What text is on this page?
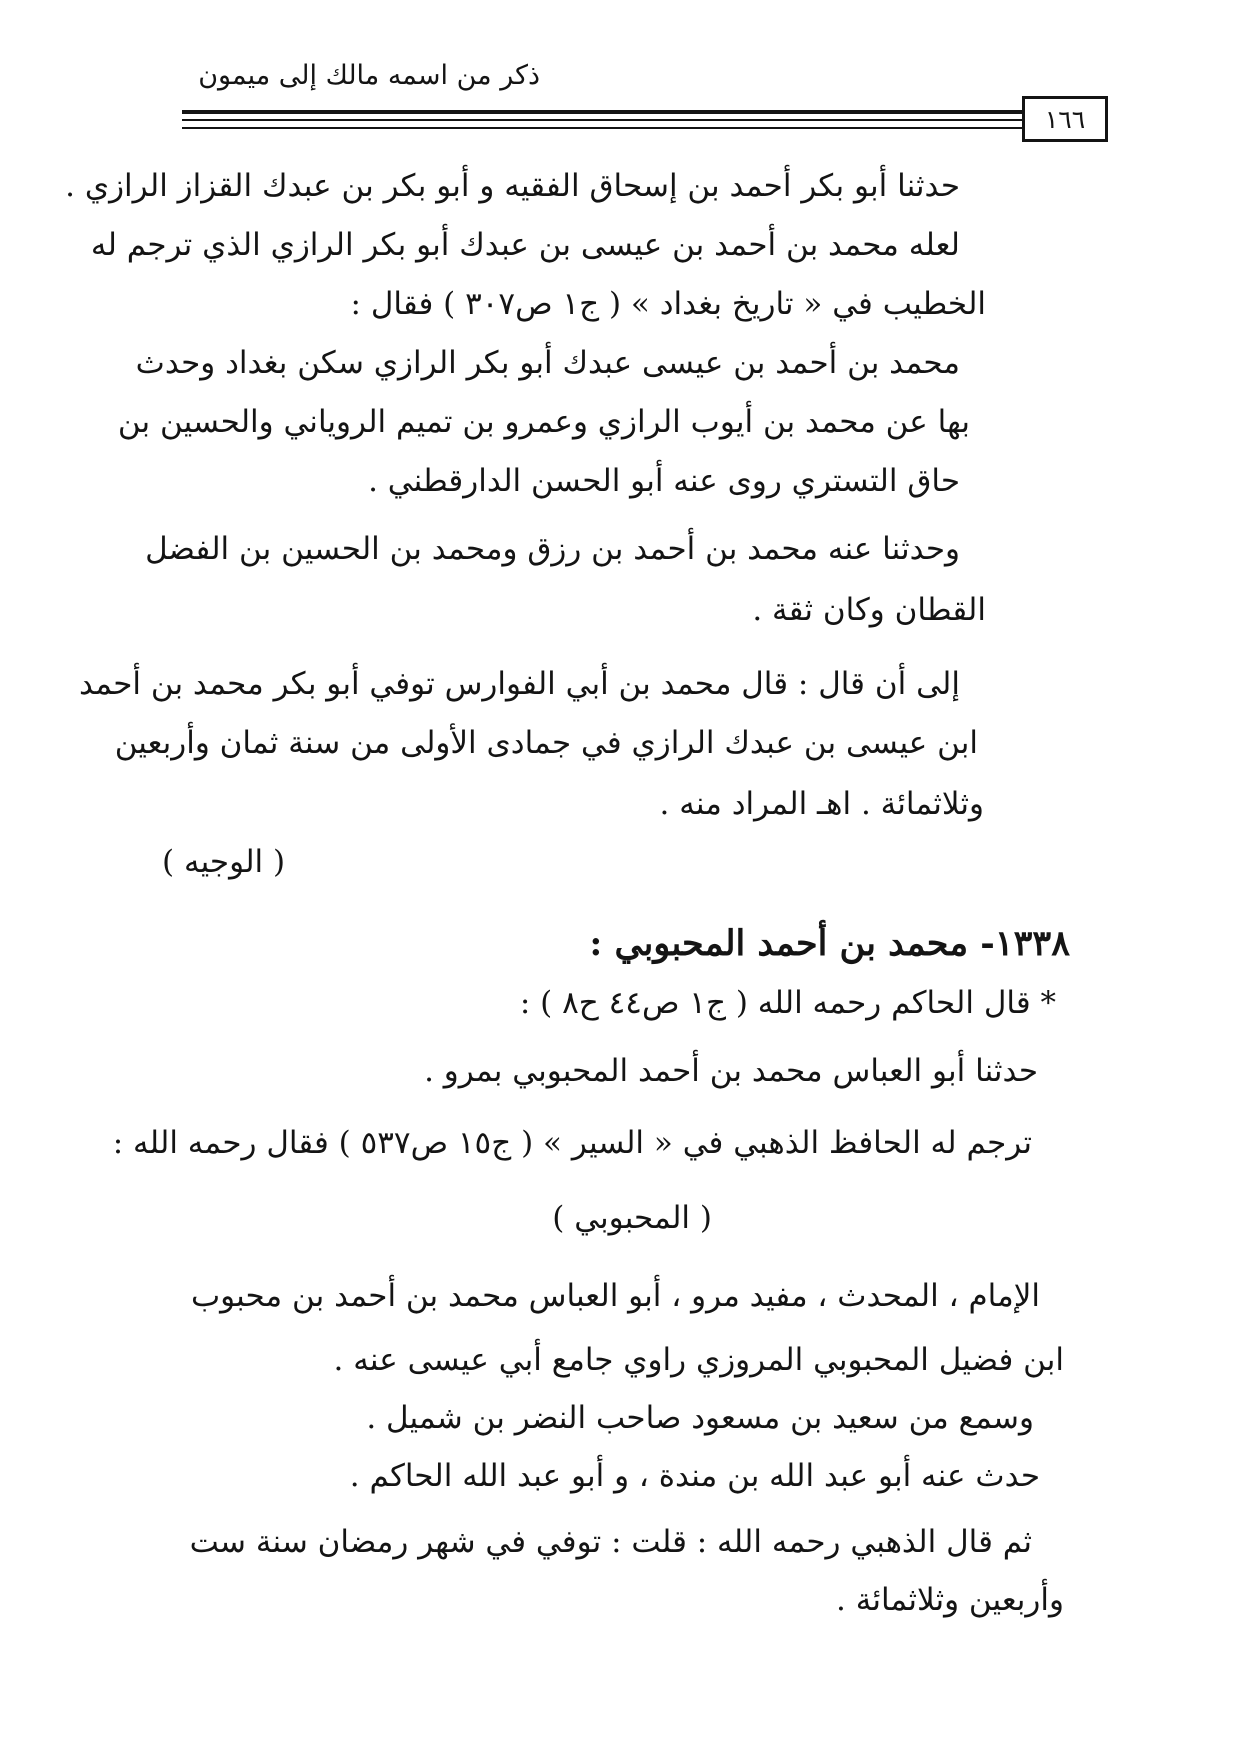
ذكر من اسمه مالك إلى ميمون
١٦٦
حدثنا أبو بكر أحمد بن إسحاق الفقيه و أبو بكر بن عبدك القزاز الرازي .
لعله محمد بن أحمد بن عيسى بن عبدك أبو بكر الرازي الذي ترجم له
الخطيب في « تاريخ بغداد » ( ج١ ص٣٠٧ ) فقال :
محمد بن أحمد بن عيسى عبدك أبو بكر الرازي سكن بغداد وحدث
بها عن محمد بن أيوب الرازي وعمرو بن تميم الروياني والحسين بن
حاق التستري روى عنه أبو الحسن الدارقطني .
وحدثنا عنه محمد بن أحمد بن رزق ومحمد بن الحسين بن الفضل
القطان وكان ثقة .
إلى أن قال : قال محمد بن أبي الفوارس توفي أبو بكر محمد بن أحمد
ابن عيسى بن عبدك الرازي في جمادى الأولى من سنة ثمان وأربعين
وثلاثمائة . اهـ المراد منه .
( الوجيه )
١٣٣٨- محمد بن أحمد المحبوبي :
* قال الحاكم رحمه الله ( ج١ ص٤٤ ح٨ ) :
حدثنا أبو العباس محمد بن أحمد المحبوبي بمرو .
ترجم له الحافظ الذهبي في « السير » ( ج١٥ ص٥٣٧ ) فقال رحمه الله :
( المحبوبي )
الإمام ، المحدث ، مفيد مرو ، أبو العباس محمد بن أحمد بن محبوب
ابن فضيل المحبوبي المروزي راوي جامع أبي عيسى عنه .
وسمع من سعيد بن مسعود صاحب النضر بن شميل .
حدث عنه أبو عبد الله بن مندة ، و أبو عبد الله الحاكم .
ثم قال الذهبي رحمه الله : قلت : توفي في شهر رمضان سنة ست
وأربعين وثلاثمائة .
